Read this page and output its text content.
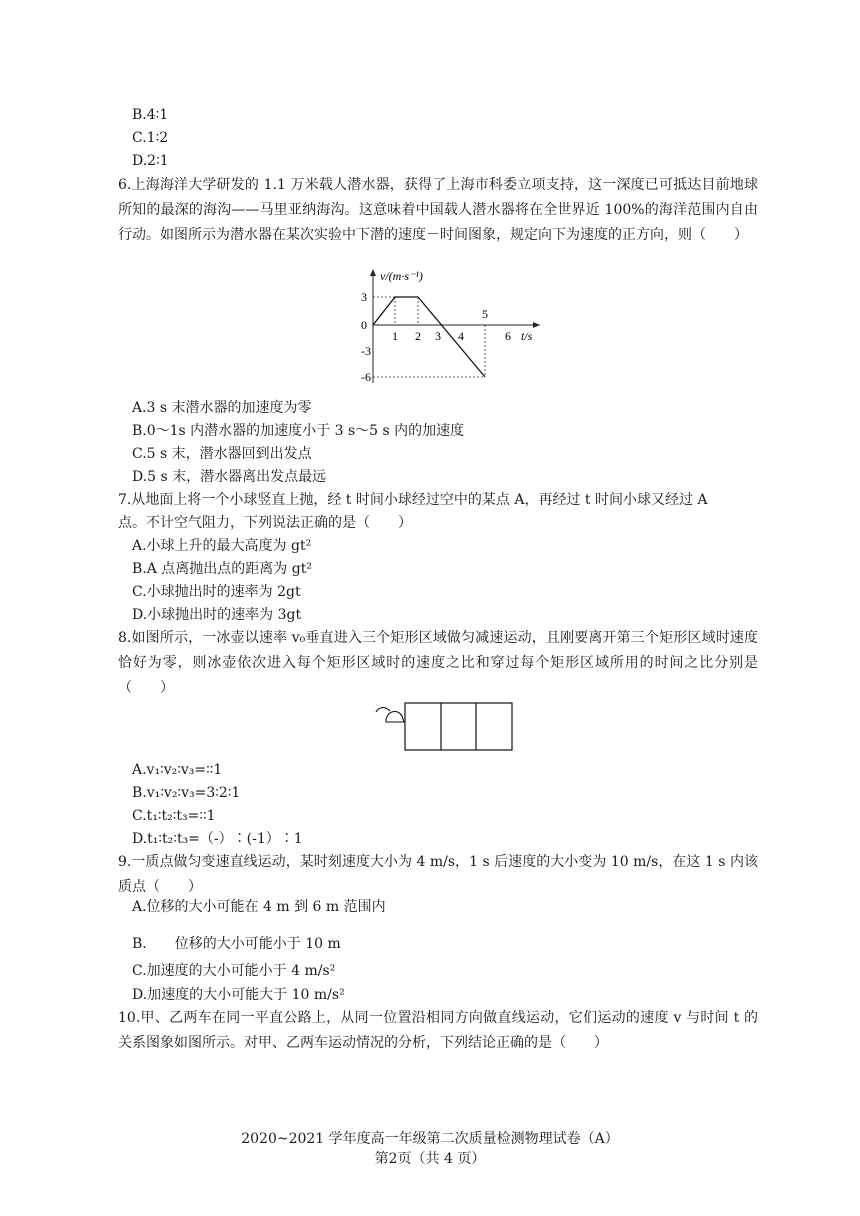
B.4∶1
C.1∶2
D.2∶1
6.上海海洋大学研发的 1.1 万米载人潜水器，获得了上海市科委立项支持，这一深度已可抵达目前地球所知的最深的海沟——马里亚纳海沟。这意味着中国载人潜水器将在全世界近 100%的海洋范围内自由行动。如图所示为潜水器在某次实验中下潜的速度－时间图象，规定向下为速度的正方向，则（　　）
v/(m·s⁻¹)
3
0
-3
-6
1 2 3 4
5
6 t/s
A.3 s 末潜水器的加速度为零
B.0～1s 内潜水器的加速度小于 3 s～5 s 内的加速度
C.5 s 末，潜水器回到出发点
D.5 s 末，潜水器离出发点最远
7.从地面上将一个小球竖直上抛，经 t 时间小球经过空中的某点 A，再经过 t 时间小球又经过 A
点。不计空气阻力，下列说法正确的是（　　）
A.小球上升的最大高度为 gt²
B.A 点离抛出点的距离为 gt²
C.小球抛出时的速率为 2gt
D.小球抛出时的速率为 3gt
8.如图所示，一冰壶以速率 v₀垂直进入三个矩形区域做匀减速运动，且刚要离开第三个矩形区域时速度恰好为零，则冰壶依次进入每个矩形区域时的速度之比和穿过每个矩形区域所用的时间之比分别是（　　）
A.v₁∶v₂∶v₃=∶∶1
B.v₁∶v₂∶v₃=3∶2∶1
C.t₁∶t₂∶t₃=∶∶1
D.t₁∶t₂∶t₃=（-）∶(-1）∶1
9.一质点做匀变速直线运动，某时刻速度大小为 4 m/s，1 s 后速度的大小变为 10 m/s，在这 1 s 内该质点（　　）
A.位移的大小可能在 4 m 到 6 m 范围内
B.　　位移的大小可能小于 10 m
C.加速度的大小可能小于 4 m/s²
D.加速度的大小可能大于 10 m/s²
10.甲、乙两车在同一平直公路上，从同一位置沿相同方向做直线运动，它们运动的速度 v 与时间 t 的关系图象如图所示。对甲、乙两车运动情况的分析，下列结论正确的是（　　）
2020~2021 学年度高一年级第二次质量检测物理试卷（A）
第2页（共 4 页）
